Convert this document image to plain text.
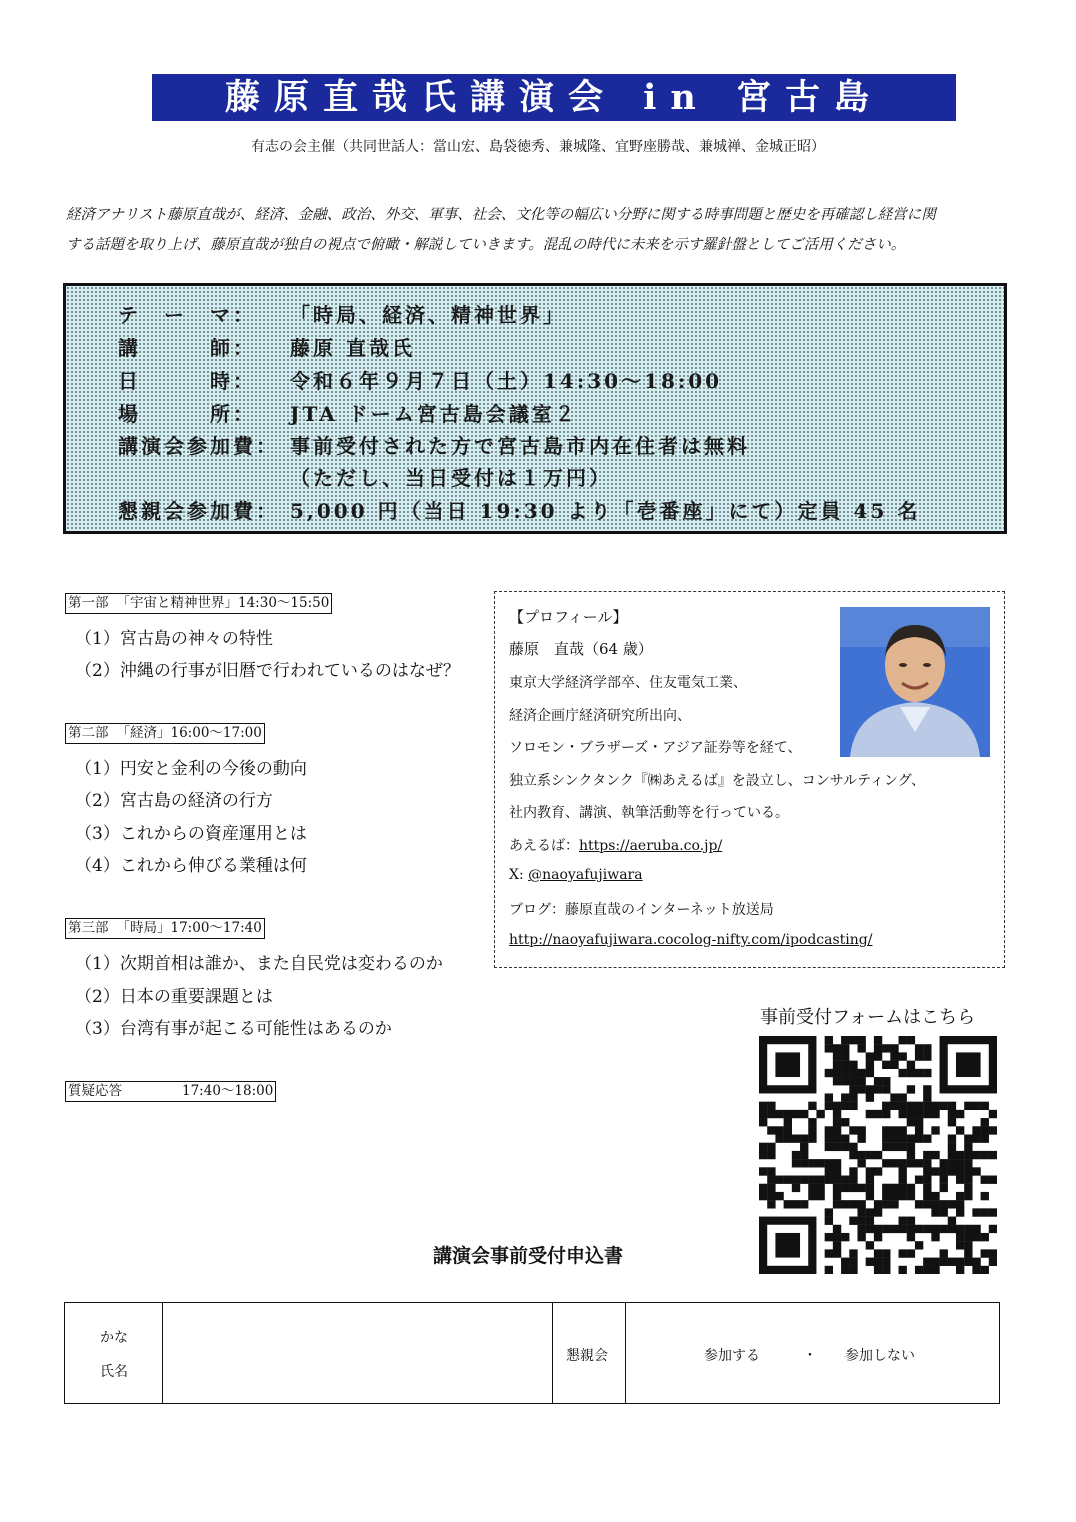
藤原直哉氏講演会 in 宮古島
有志の会主催（共同世話人：當山宏、島袋徳秀、兼城隆、宜野座勝哉、兼城禅、金城正昭）
経済アナリスト藤原直哉が、経済、金融、政治、外交、軍事、社会、文化等の幅広い分野に関する時事問題と歴史を再確認し経営に関
する話題を取り上げ、藤原直哉が独自の視点で俯瞰・解説していきます。混乱の時代に未来を示す羅針盤としてご活用ください。
テ　ー　マ： 「時局、経済、精神世界」
講　　　師： 藤原 直哉氏
日　　　時： 令和６年９月７日（土）14:30～18:00
場　　　所： JTA ドーム宮古島会議室２
講演会参加費： 事前受付された方で宮古島市内在住者は無料
（ただし、当日受付は１万円）
懇親会参加費： 5,000 円（当日 19:30 より「壱番座」にて）定員 45 名
第一部 「宇宙と精神世界」14:30～15:50
（1）宮古島の神々の特性
（2）沖縄の行事が旧暦で行われているのはなぜ？
第二部 「経済」16:00～17:00
（1）円安と金利の今後の動向
（2）宮古島の経済の行方
（3）これからの資産運用とは
（4）これから伸びる業種は何
第三部 「時局」17:00～17:40
（1）次期首相は誰か、また自民党は変わるのか
（2）日本の重要課題とは
（3）台湾有事が起こる可能性はあるのか
質疑応答	17:40～18:00
【プロフィール】
藤原　直哉（64 歳）
東京大学経済学部卒、住友電気工業、
経済企画庁経済研究所出向、
ソロモン・ブラザーズ・アジア証券等を経て、
独立系シンクタンク『㈱あえるば』を設立し、コンサルティング、
社内教育、講演、執筆活動等を行っている。
あえるば：https://aeruba.co.jp/
X: @naoyafujiwara
ブログ：藤原直哉のインターネット放送局
http://naoyafujiwara.cocolog-nifty.com/ipodcasting/
事前受付フォームはこちら
講演会事前受付申込書
かな
氏名
懇親会	参加する	・ 参加しない
